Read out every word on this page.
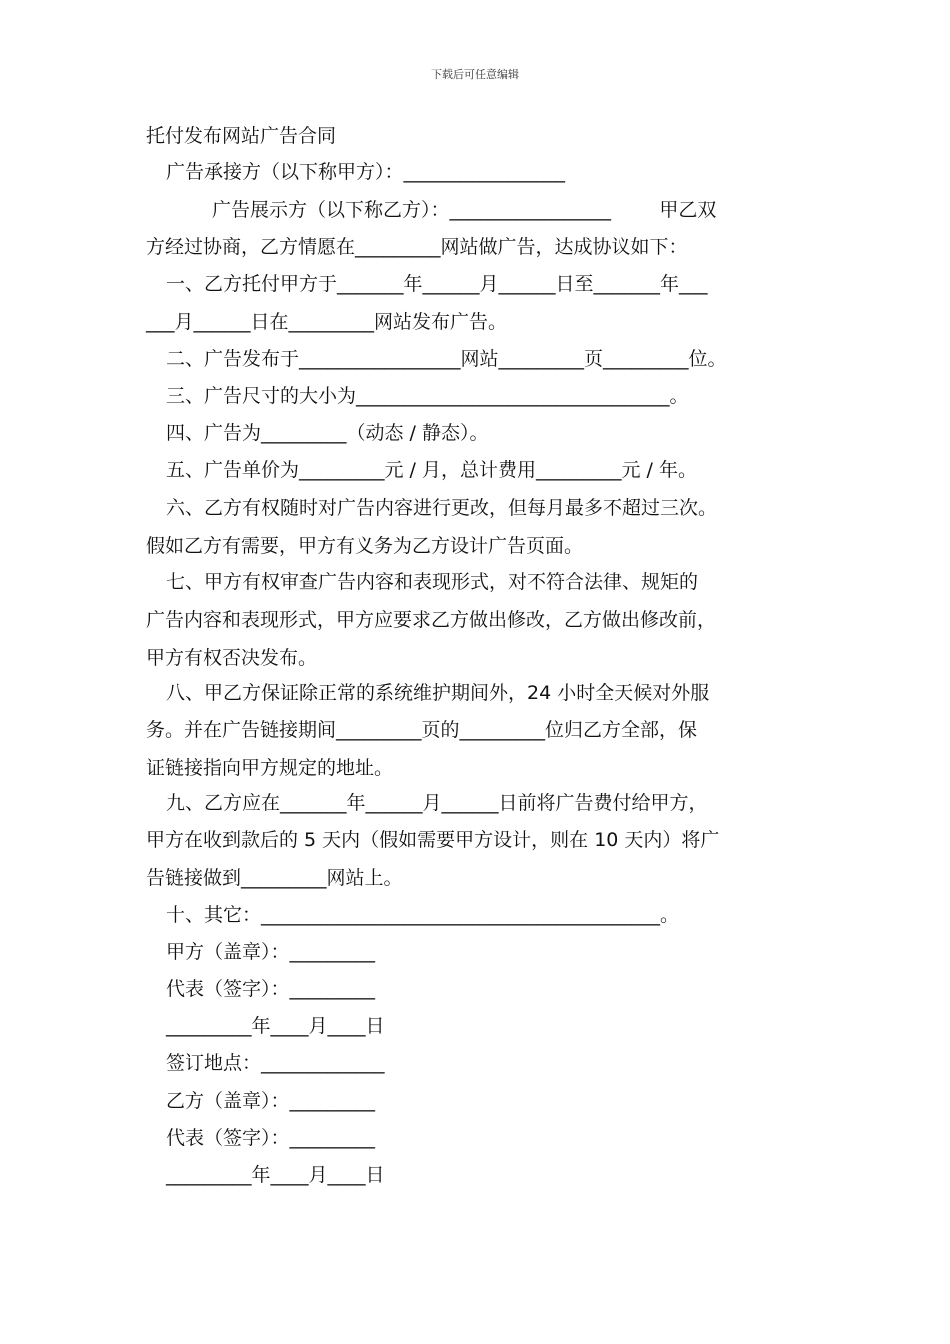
下载后可任意编辑
托付发布网站广告合同
广告承接方（以下称甲方）：_________________
广告展示方（以下称乙方）：_________________        甲乙双
方经过协商，乙方情愿在_________网站做广告，达成协议如下：
一、乙方托付甲方于_______年______月______日至_______年___
___月______日在_________网站发布广告。
二、广告发布于_________________网站_________页_________位。
三、广告尺寸的大小为_________________________________。
四、广告为_________（动态 / 静态）。
五、广告单价为_________元 / 月，总计费用_________元 / 年。
六、乙方有权随时对广告内容进行更改，但每月最多不超过三次。
假如乙方有需要，甲方有义务为乙方设计广告页面。
七、甲方有权审查广告内容和表现形式，对不符合法律、规矩的
广告内容和表现形式，甲方应要求乙方做出修改，乙方做出修改前，
甲方有权否决发布。
八、甲乙方保证除正常的系统维护期间外，24 小时全天候对外服
务。并在广告链接期间_________页的_________位归乙方全部，保
证链接指向甲方规定的地址。
九、乙方应在_______年______月______日前将广告费付给甲方，
甲方在收到款后的 5 天内（假如需要甲方设计，则在 10 天内）将广
告链接做到_________网站上。
十、其它：__________________________________________。
甲方（盖章）：_________
代表（签字）：_________
_________年____月____日
签订地点：_____________
乙方（盖章）：_________
代表（签字）：_________
_________年____月____日
